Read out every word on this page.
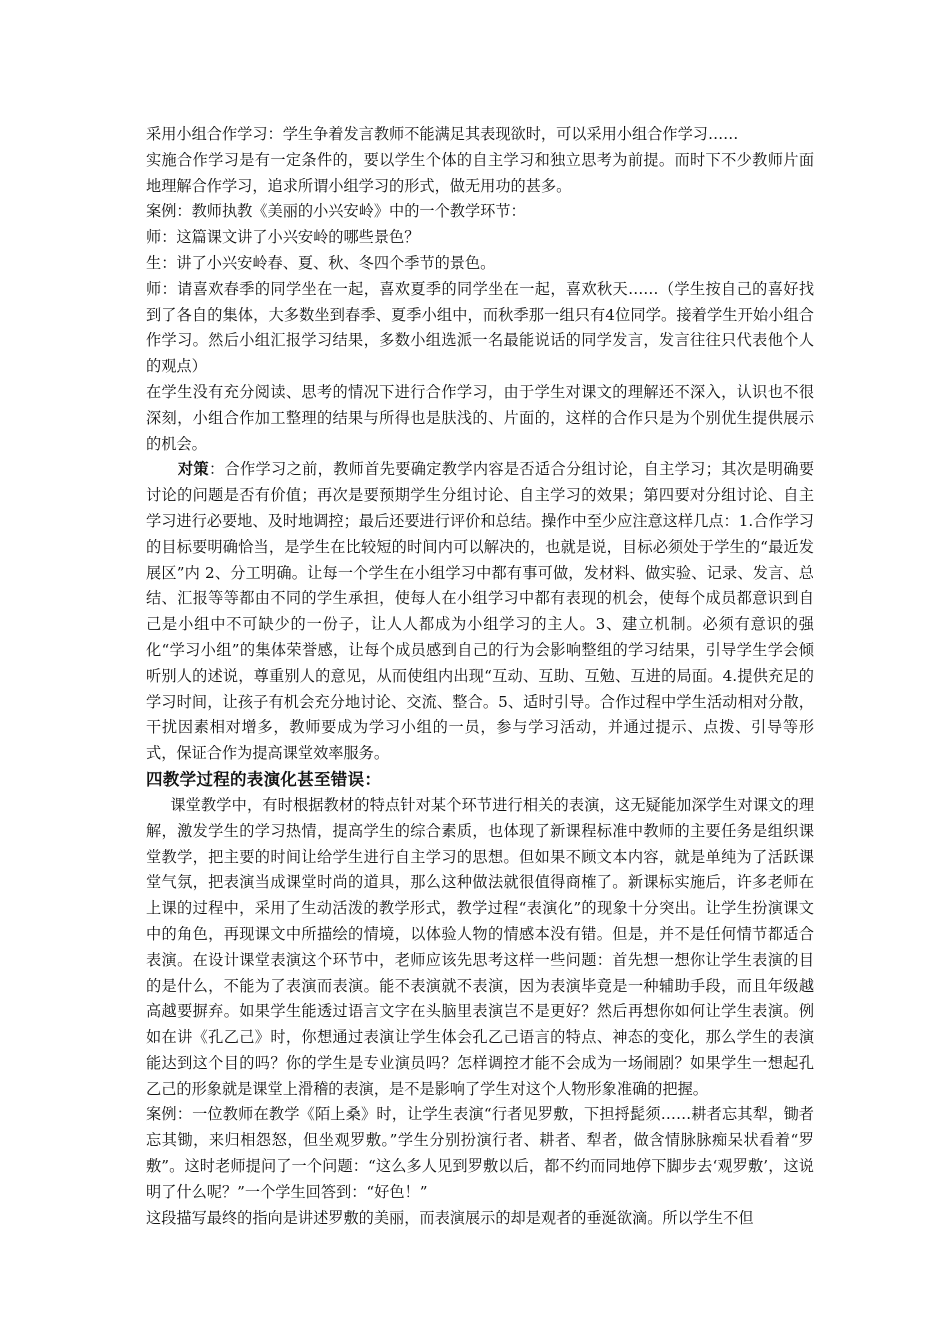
采用小组合作学习：学生争着发言教师不能满足其表现欲时，可以采用小组合作学习……

实施合作学习是有一定条件的，要以学生个体的自主学习和独立思考为前提。而时下不少教师片面地理解合作学习，追求所谓小组学习的形式，做无用功的甚多。

案例：教师执教《美丽的小兴安岭》中的一个教学环节：

师：这篇课文讲了小兴安岭的哪些景色？

生：讲了小兴安岭春、夏、秋、冬四个季节的景色。

师：请喜欢春季的同学坐在一起，喜欢夏季的同学坐在一起，喜欢秋天……（学生按自己的喜好找到了各自的集体，大多数坐到春季、夏季小组中，而秋季那一组只有4位同学。接着学生开始小组合作学习。然后小组汇报学习结果，多数小组选派一名最能说话的同学发言，发言往往只代表他个人的观点）

在学生没有充分阅读、思考的情况下进行合作学习，由于学生对课文的理解还不深入，认识也不很深刻，小组合作加工整理的结果与所得也是肤浅的、片面的，这样的合作只是为个别优生提供展示的机会。

对策：合作学习之前，教师首先要确定教学内容是否适合分组讨论，自主学习；其次是明确要讨论的问题是否有价值；再次是要预期学生分组讨论、自主学习的效果；第四要对分组讨论、自主学习进行必要地、及时地调控；最后还要进行评价和总结。操作中至少应注意这样几点：1.合作学习的目标要明确恰当，是学生在比较短的时间内可以解决的，也就是说，目标必须处于学生的“最近发展区”内 2、分工明确。让每一个学生在小组学习中都有事可做，发材料、做实验、记录、发言、总结、汇报等等都由不同的学生承担，使每人在小组学习中都有表现的机会，使每个成员都意识到自己是小组中不可缺少的一份子，让人人都成为小组学习的主人。3、建立机制。必须有意识的强化“学习小组”的集体荣誉感，让每个成员感到自己的行为会影响整组的学习结果，引导学生学会倾听别人的述说，尊重别人的意见，从而使组内出现“互动、互助、互勉、互进的局面。4.提供充足的学习时间，让孩子有机会充分地讨论、交流、整合。5、适时引导。合作过程中学生活动相对分散，干扰因素相对增多，教师要成为学习小组的一员，参与学习活动，并通过提示、点拨、引导等形式，保证合作为提高课堂效率服务。

四教学过程的表演化甚至错误：

课堂教学中，有时根据教材的特点针对某个环节进行相关的表演，这无疑能加深学生对课文的理解，激发学生的学习热情，提高学生的综合素质，也体现了新课程标准中教师的主要任务是组织课堂教学，把主要的时间让给学生进行自主学习的思想。但如果不顾文本内容，就是单纯为了活跃课堂气氛，把表演当成课堂时尚的道具，那么这种做法就很值得商榷了。新课标实施后，许多老师在上课的过程中，采用了生动活泼的教学形式，教学过程“表演化”的现象十分突出。让学生扮演课文中的角色，再现课文中所描绘的情境，以体验人物的情感本没有错。但是，并不是任何情节都适合表演。在设计课堂表演这个环节中，老师应该先思考这样一些问题：首先想一想你让学生表演的目的是什么，不能为了表演而表演。能不表演就不表演，因为表演毕竟是一种辅助手段，而且年级越高越要摒弃。如果学生能透过语言文字在头脑里表演岂不是更好？然后再想你如何让学生表演。例如在讲《孔乙己》时，你想通过表演让学生体会孔乙己语言的特点、神态的变化，那么学生的表演能达到这个目的吗？你的学生是专业演员吗？怎样调控才能不会成为一场闹剧？如果学生一想起孔乙己的形象就是课堂上滑稽的表演，是不是影响了学生对这个人物形象准确的把握。

案例：一位教师在教学《陌上桑》时，让学生表演“行者见罗敷，下担捋髭须……耕者忘其犁，锄者忘其锄，来归相怨怒，但坐观罗敷。”学生分别扮演行者、耕者、犁者，做含情脉脉痴呆状看着“罗敷”。这时老师提问了一个问题：“这么多人见到罗敷以后，都不约而同地停下脚步去‘观罗敷’，这说明了什么呢？”一个学生回答到：“好色！”

这段描写最终的指向是讲述罗敷的美丽，而表演展示的却是观者的垂涎欲滴。所以学生不但
